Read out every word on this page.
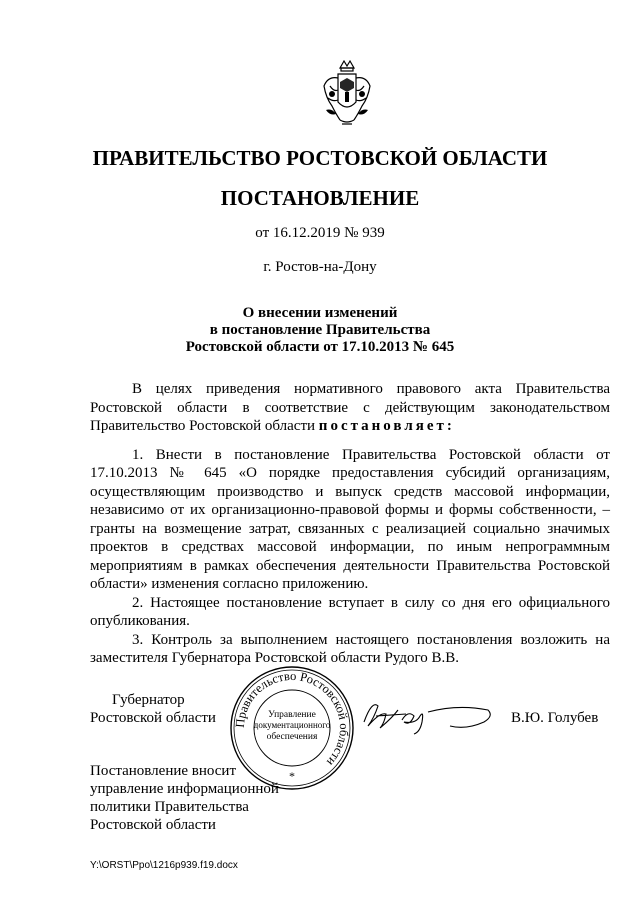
ПРАВИТЕЛЬСТВО РОСТОВСКОЙ ОБЛАСТИ
ПОСТАНОВЛЕНИЕ
от 16.12.2019 № 939
г. Ростов-на-Дону
О внесении изменений
в постановление Правительства
Ростовской области от 17.10.2013 № 645

В целях приведения нормативного правового акта Правительства Ростовской области в соответствие с действующим законодательством Правительство Ростовской области постановляет:

1. Внести в постановление Правительства Ростовской области от 17.10.2013 № 645 «О порядке предоставления субсидий организациям, осуществляющим производство и выпуск средств массовой информации, независимо от их организационно-правовой формы и формы собственности, – гранты на возмещение затрат, связанных с реализацией социально значимых проектов в средствах массовой информации, по иным непрограммным мероприятиям в рамках обеспечения деятельности Правительства Ростовской области» изменения согласно приложению.

2. Настоящее постановление вступает в силу со дня его официального опубликования.

3. Контроль за выполнением настоящего постановления возложить на заместителя Губернатора Ростовской области Рудого В.В.

Губернатор
Ростовской области	В.Ю. Голубев
Правительство Ростовской области
Управление
документационного
обеспечения
*
Постановление вносит
управление информационной
политики Правительства
Ростовской области
Y:\ORST\Ppo\1216p939.f19.docx
